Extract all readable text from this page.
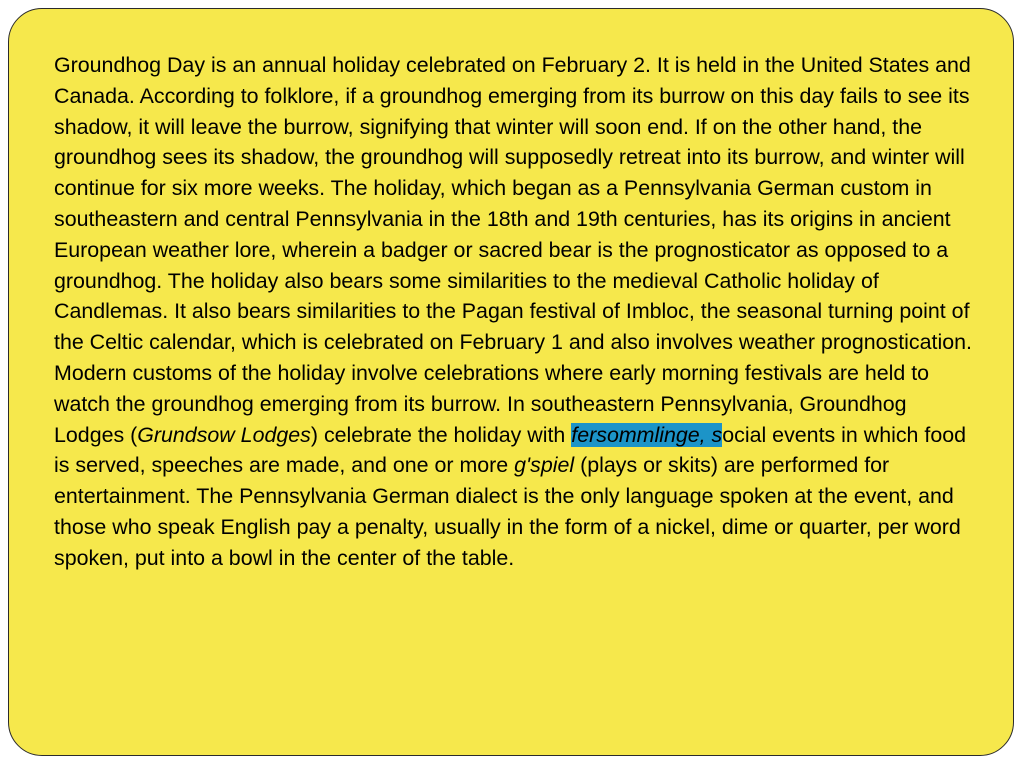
Groundhog Day is an annual holiday celebrated on February 2. It is held in the United States and Canada. According to folklore, if a groundhog emerging from its burrow on this day fails to see its shadow, it will leave the burrow, signifying that winter will soon end. If on the other hand, the groundhog sees its shadow, the groundhog will supposedly retreat into its burrow, and winter will continue for six more weeks. The holiday, which began as a Pennsylvania German custom in southeastern and central Pennsylvania in the 18th and 19th centuries, has its origins in ancient European weather lore, wherein a badger or sacred bear is the prognosticator as opposed to a groundhog. The holiday also bears some similarities to the medieval Catholic holiday of Candlemas. It also bears similarities to the Pagan festival of Imbloc, the seasonal turning point of the Celtic calendar, which is celebrated on February 1 and also involves weather prognostication.

Modern customs of the holiday involve celebrations where early morning festivals are held to watch the groundhog emerging from its burrow. In southeastern Pennsylvania, Groundhog Lodges (Grundsow Lodges) celebrate the holiday with fersommlinge, social events in which food is served, speeches are made, and one or more g'spiel (plays or skits) are performed for entertainment. The Pennsylvania German dialect is the only language spoken at the event, and those who speak English pay a penalty, usually in the form of a nickel, dime or quarter, per word spoken, put into a bowl in the center of the table.
